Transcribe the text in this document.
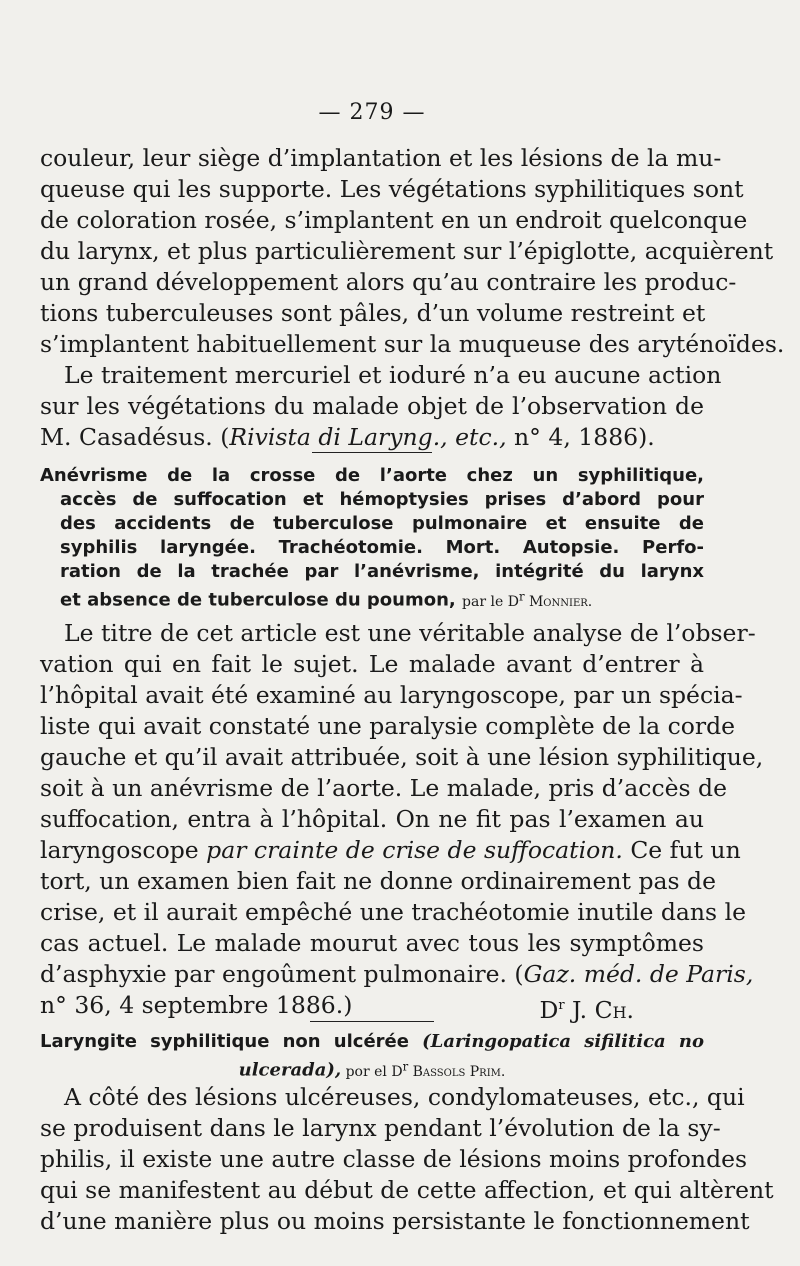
— 279 —

couleur, leur siège d’implantation et les lésions de la mu-
queuse qui les supporte. Les végétations syphilitiques sont
de coloration rosée, s’implantent en un endroit quelconque
du larynx, et plus particulièrement sur l’épiglotte, acquièrent
un grand développement alors qu’au contraire les produc-
tions tuberculeuses sont pâles, d’un volume restreint et
s’implantent habituellement sur la muqueuse des aryténoïdes.

Le traitement mercuriel et ioduré n’a eu aucune action
sur les végétations du malade objet de l’observation de
M. Casadésus. (Rivista di Laryng., etc., n° 4, 1886).

Anévrisme de la crosse de l’aorte chez un syphilitique,
accès de suffocation et hémoptysies prises d’abord pour
des accidents de tuberculose pulmonaire et ensuite de
syphilis laryngée. Trachéotomie. Mort. Autopsie. Perfo-
ration de la trachée par l’anévrisme, intégrité du larynx
et absence de tuberculose du poumon, par le $D^r$ Monnier.

Le titre de cet article est une véritable analyse de l’obser-
vation qui en fait le sujet. Le malade avant d’entrer à
l’hôpital avait été examiné au laryngoscope, par un spécia-
liste qui avait constaté une paralysie complète de la corde
gauche et qu’il avait attribuée, soit à une lésion syphilitique,
soit à un anévrisme de l’aorte. Le malade, pris d’accès de
suffocation, entra à l’hôpital. On ne fit pas l’examen au
laryngoscope par crainte de crise de suffocation. Ce fut un
tort, un examen bien fait ne donne ordinairement pas de
crise, et il aurait empêché une trachéotomie inutile dans le
cas actuel. Le malade mourut avec tous les symptômes
d’asphyxie par engoûment pulmonaire. (Gaz. méd. de Paris,
n° 36, 4 septembre 1886.)	$D^r$ J. Ch.

Laryngite syphilitique non ulcérée (Laringopatica sifilitica no
ulcerada), por el $D^r$ Bassols Prim.

A côté des lésions ulcéreuses, condylomateuses, etc., qui
se produisent dans le larynx pendant l’évolution de la sy-
philis, il existe une autre classe de lésions moins profondes
qui se manifestent au début de cette affection, et qui altèrent
d’une manière plus ou moins persistante le fonctionnement
